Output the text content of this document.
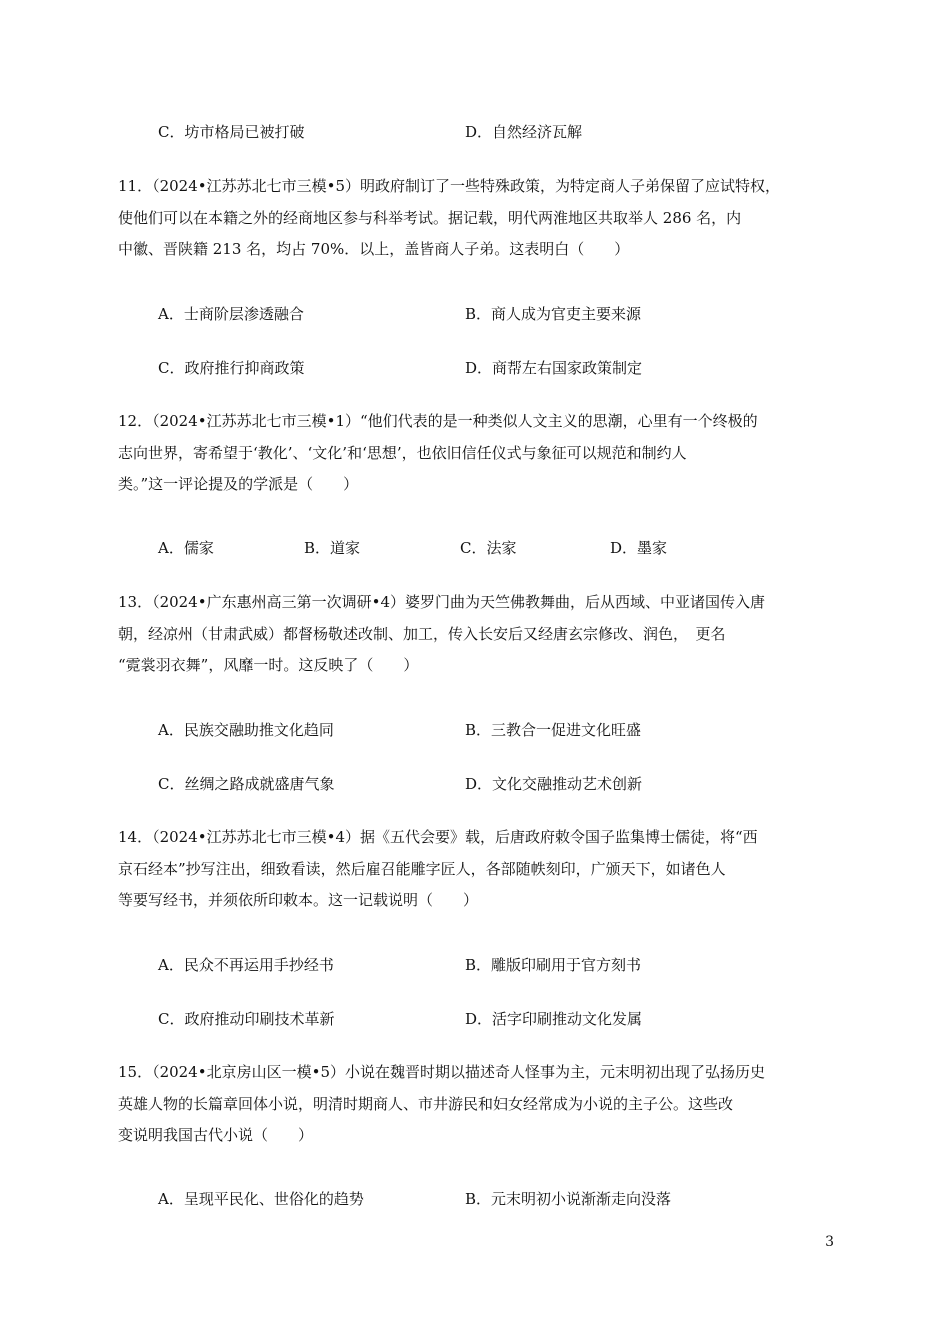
C．坊市格局已被打破	D．自然经济瓦解
11．（2024•江苏苏北七市三模•5）明政府制订了一些特殊政策，为特定商人子弟保留了应试特权，
使他们可以在本籍之外的经商地区参与科举考试。据记载，明代两淮地区共取举人 286 名，内
中徽、晋陕籍 213 名，均占 70%．以上，盖皆商人子弟。这表明白（　　）
A．士商阶层渗透融合	B．商人成为官吏主要来源
C．政府推行抑商政策	D．商帮左右国家政策制定
12．（2024•江苏苏北七市三模•1）“他们代表的是一种类似人文主义的思潮，心里有一个终极的
志向世界，寄希望于‘教化’、‘文化’和‘思想’，也依旧信任仪式与象征可以规范和制约人
类。”这一评论提及的学派是（　　）
A．儒家	B．道家	C．法家	D．墨家
13．（2024•广东惠州高三第一次调研•4）婆罗门曲为天竺佛教舞曲，后从西域、中亚诸国传入唐
朝，经凉州（甘肃武威）都督杨敬述改制、加工，传入长安后又经唐玄宗修改、润色，　更名
“霓裳羽衣舞”，风靡一时。这反映了（　　）
A．民族交融助推文化趋同	B．三教合一促进文化旺盛
C．丝绸之路成就盛唐气象	D．文化交融推动艺术创新
14．（2024•江苏苏北七市三模•4）据《五代会要》载，后唐政府敕令国子监集博士儒徒，将“西
京石经本”抄写注出，细致看读，然后雇召能雕字匠人，各部随帙刻印，广颁天下，如诸色人
等要写经书，并须依所印敕本。这一记载说明（　　）
A．民众不再运用手抄经书	B．雕版印刷用于官方刻书
C．政府推动印刷技术革新	D．活字印刷推动文化发属
15．（2024•北京房山区一模•5）小说在魏晋时期以描述奇人怪事为主，元末明初出现了弘扬历史
英雄人物的长篇章回体小说，明清时期商人、市井游民和妇女经常成为小说的主子公。这些改
变说明我国古代小说（　　）
A．呈现平民化、世俗化的趋势	B．元末明初小说渐渐走向没落
3
